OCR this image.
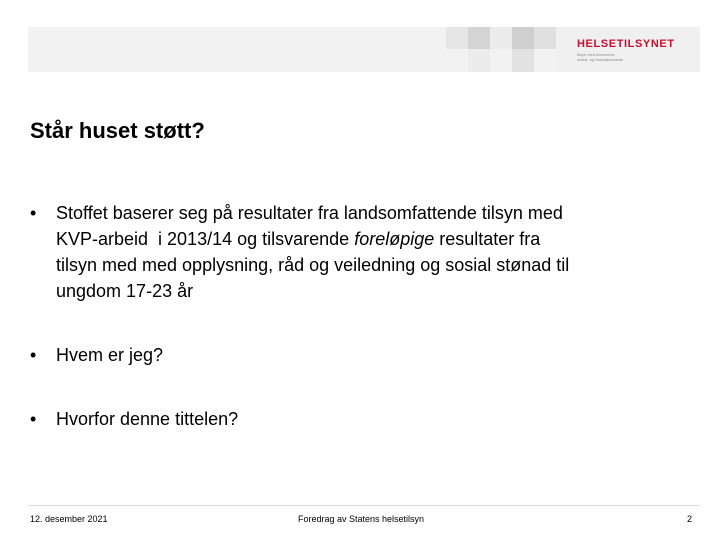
HELSETILSYNET
tilsyn med barnevern,
sosial- og helsetjenestene
Står huset støtt?
• Stoffet baserer seg på resultater fra landsomfattende tilsyn med
KVP-arbeid  i 2013/14 og tilsvarende foreløpige resultater fra
tilsyn med med opplysning, råd og veiledning og sosial stønad til
ungdom 17-23 år
• Hvem er jeg?
• Hvorfor denne tittelen?
12. desember 2021	Foredrag av Statens helsetilsyn	2
